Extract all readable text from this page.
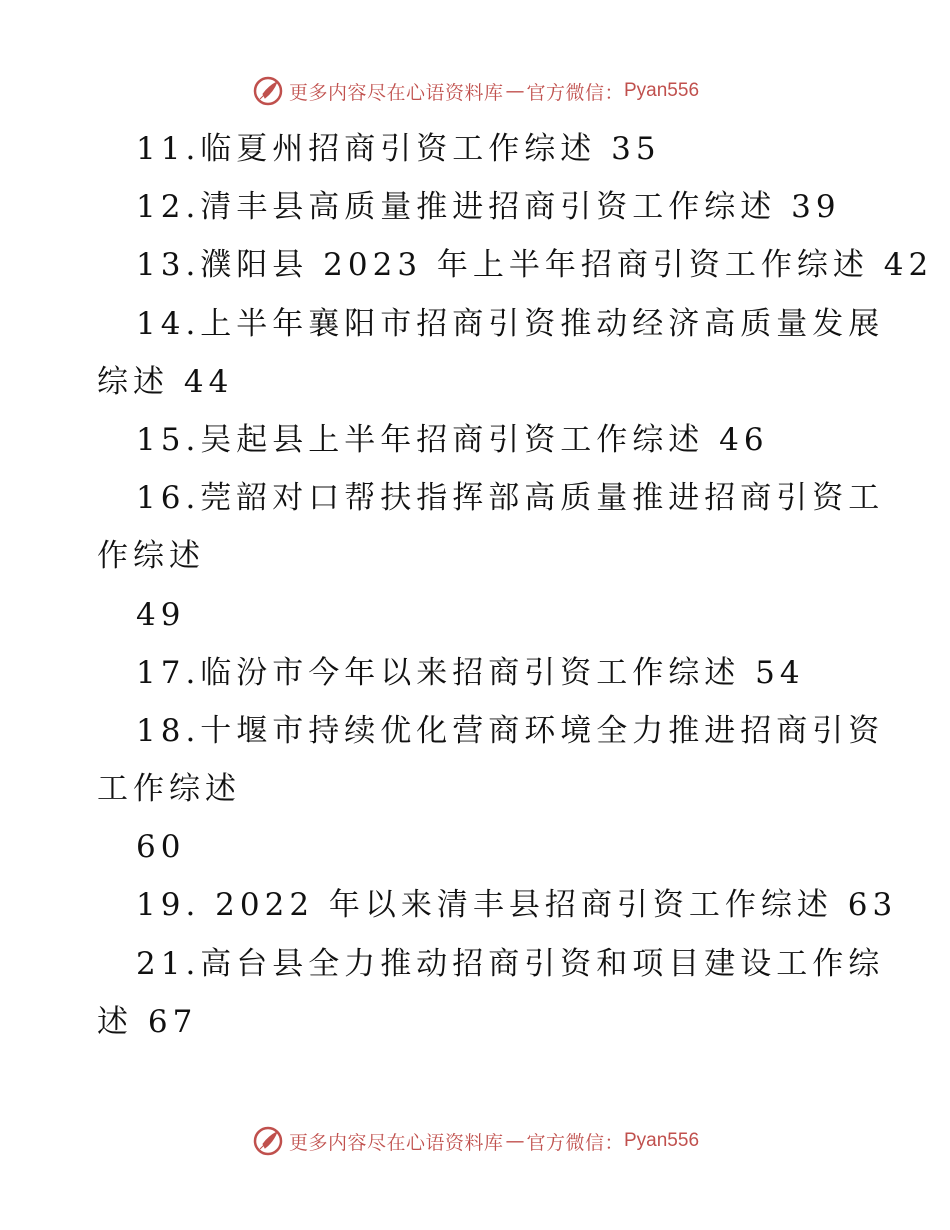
更多内容尽在心语资料库 — 官方微信： Pyan556
11.临夏州招商引资工作综述 35
12.清丰县高质量推进招商引资工作综述 39
13.濮阳县 2023 年上半年招商引资工作综述 42
14.上半年襄阳市招商引资推动经济高质量发展
综述 44
15.吴起县上半年招商引资工作综述 46
16.莞韶对口帮扶指挥部高质量推进招商引资工
作综述
49
17.临汾市今年以来招商引资工作综述 54
18.十堰市持续优化营商环境全力推进招商引资
工作综述
60
19. 2022 年以来清丰县招商引资工作综述 63
21.高台县全力推动招商引资和项目建设工作综
述 67
更多内容尽在心语资料库 — 官方微信： Pyan556
